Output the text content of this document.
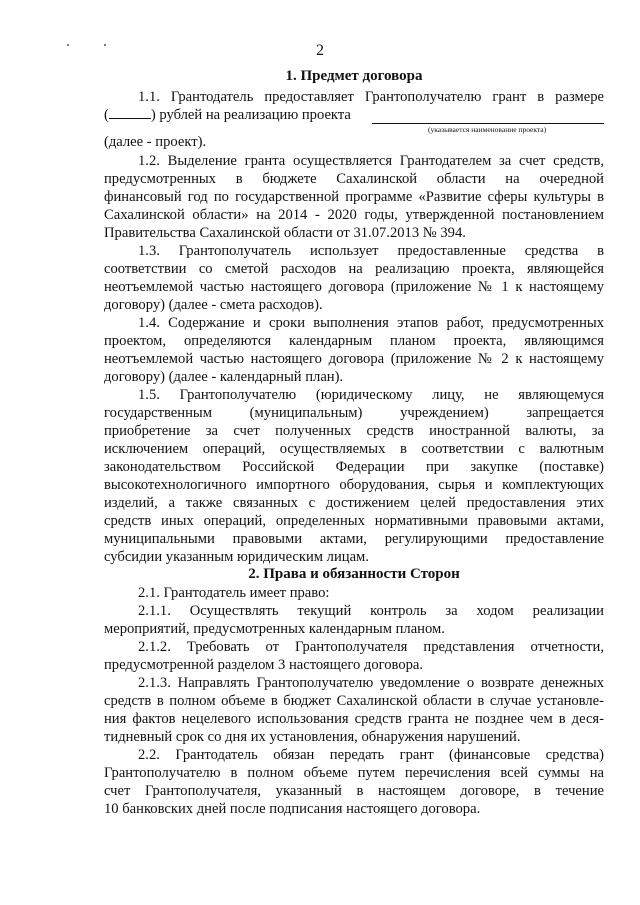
2
1. Предмет договора
1.1. Грантодатель предоставляет Грантополучателю грант в размере
(	) рублей на реализацию проекта
(указывается наименование проекта)
(далее - проект).
1.2. Выделение гранта осуществляется Грантодателем за счет средств,
предусмотренных в бюджете Сахалинской области на очередной
финансовый год по государственной программе «Развитие сферы культуры в
Сахалинской области» на 2014 - 2020 годы, утвержденной постановлением
Правительства Сахалинской области от 31.07.2013 № 394.
1.3. Грантополучатель использует предоставленные средства в
соответствии со сметой расходов на реализацию проекта, являющейся
неотъемлемой частью настоящего договора (приложение № 1 к настоящему
договору) (далее - смета расходов).
1.4. Содержание и сроки выполнения этапов работ, предусмотренных
проектом, определяются календарным планом проекта, являющимся
неотъемлемой частью настоящего договора (приложение № 2 к настоящему
договору) (далее - календарный план).
1.5. Грантополучателю (юридическому лицу, не являющемуся
государственным (муниципальным) учреждением) запрещается
приобретение за счет полученных средств иностранной валюты, за
исключением операций, осуществляемых в соответствии с валютным
законодательством Российской Федерации при закупке (поставке)
высокотехнологичного импортного оборудования, сырья и комплектующих
изделий, а также связанных с достижением целей предоставления этих
средств иных операций, определенных нормативными правовыми актами,
муниципальными правовыми актами, регулирующими предоставление
субсидии указанным юридическим лицам.
2. Права и обязанности Сторон
2.1. Грантодатель имеет право:
2.1.1. Осуществлять текущий контроль за ходом реализации
мероприятий, предусмотренных календарным планом.
2.1.2. Требовать от Грантополучателя представления отчетности,
предусмотренной разделом 3 настоящего договора.
2.1.3. Направлять Грантополучателю уведомление о возврате денежных
средств в полном объеме в бюджет Сахалинской области в случае установле-
ния фактов нецелевого использования средств гранта не позднее чем в деся-
тидневный срок со дня их установления, обнаружения нарушений.
2.2. Грантодатель обязан передать грант (финансовые средства)
Грантополучателю в полном объеме путем перечисления всей суммы на
счет Грантополучателя, указанный в настоящем договоре, в течение
10 банковских дней после подписания настоящего договора.
